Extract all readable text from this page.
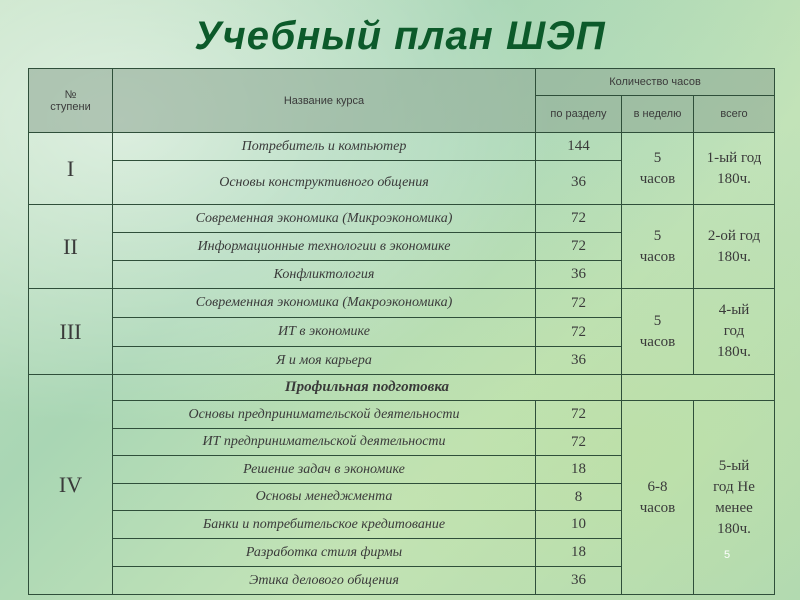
Учебный план ШЭП
№ ступени	Название курса	Количество часов		
		по разделу	в неделю	всего
I	Потребитель и компьютер	144	5 часов	1-ый год 180ч.
	Основы конструктивного общения	36		
II	Современная экономика (Микроэкономика)	72	5 часов	2-ой год 180ч.
	Информационные технологии в экономике	72		
	Конфликтология	36		
III	Современная экономика (Макроэкономика)	72	5 часов	4-ый год 180ч.
	ИТ в экономике	72		
	Я и моя карьера	36		
IV	Профильная подготовка			
	Основы предпринимательской деятельности	72	6-8 часов	5-ый год Не менее 180ч.
	ИТ предпринимательской деятельности	72		
	Решение задач в экономике	18		
	Основы менеджмента	8		
	Банки и потребительское кредитование	10		
	Разработка стиля фирмы	18		
	Этика делового общения	36		
5
